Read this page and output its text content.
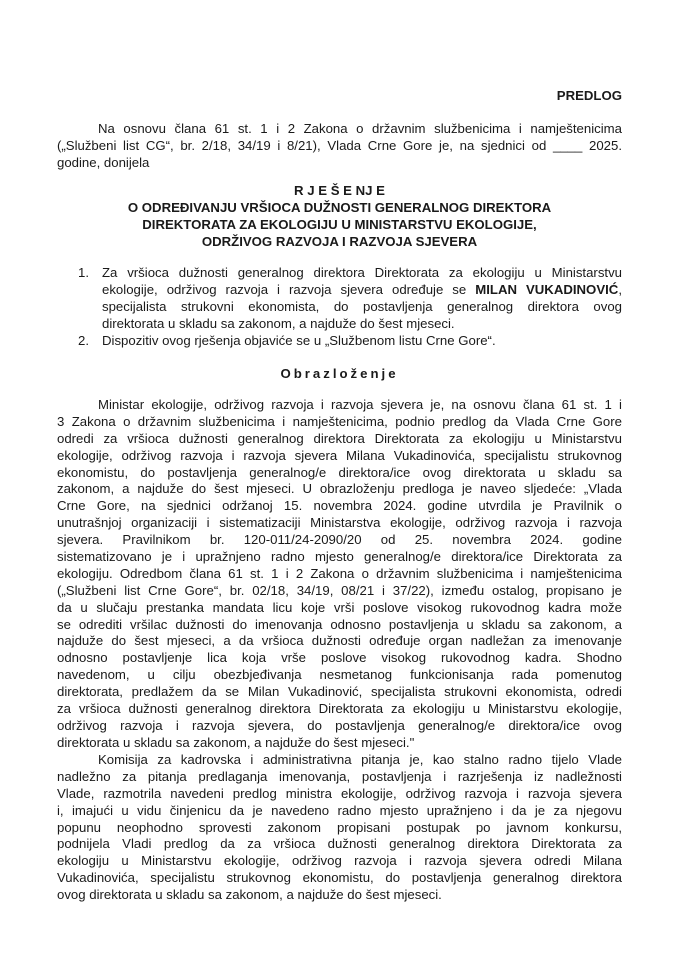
PREDLOG
Na osnovu člana 61 st. 1 i 2 Zakona o državnim službenicima i namještenicima
(„Službeni list CG“, br. 2/18, 34/19 i 8/21), Vlada Crne Gore je, na sjednici od ____ 2025.
godine, donijela
R J E Š E NJ E
O ODREĐIVANJU VRŠIOCA DUŽNOSTI GENERALNOG DIREKTORA
DIREKTORATA ZA EKOLOGIJU U MINISTARSTVU EKOLOGIJE,
ODRŽIVOG RAZVOJA I RAZVOJA SJEVERA
1. Za vršioca dužnosti generalnog direktora Direktorata za ekologiju u Ministarstvu
ekologije, održivog razvoja i razvoja sjevera određuje se MILAN VUKADINOVIĆ,
specijalista strukovni ekonomista, do postavljenja generalnog direktora ovog
direktorata u skladu sa zakonom, a najduže do šest mjeseci.
2. Dispozitiv ovog rješenja objaviće se u „Službenom listu Crne Gore“.
Obrazloženje
Ministar ekologije, održivog razvoja i razvoja sjevera je, na osnovu člana 61 st. 1 i
3 Zakona o državnim službenicima i namještenicima, podnio predlog da Vlada Crne Gore
odredi za vršioca dužnosti generalnog direktora Direktorata za ekologiju u Ministarstvu
ekologije, održivog razvoja i razvoja sjevera Milana Vukadinovića, specijalistu strukovnog
ekonomistu, do postavljenja generalnog/e direktora/ice ovog direktorata u skladu sa
zakonom, a najduže do šest mjeseci. U obrazloženju predloga je naveo sljedeće: „Vlada
Crne Gore, na sjednici održanoj 15. novembra 2024. godine utvrdila je Pravilnik o
unutrašnjoj organizaciji i sistematizaciji Ministarstva ekologije, održivog razvoja i razvoja
sjevera. Pravilnikom br. 120-011/24-2090/20 od 25. novembra 2024. godine
sistematizovano je i upražnjeno radno mjesto generalnog/e direktora/ice Direktorata za
ekologiju. Odredbom člana 61 st. 1 i 2 Zakona o državnim službenicima i namještenicima
(„Službeni list Crne Gore“, br. 02/18, 34/19, 08/21 i 37/22), između ostalog, propisano je
da u slučaju prestanka mandata licu koje vrši poslove visokog rukovodnog kadra može
se odrediti vršilac dužnosti do imenovanja odnosno postavljenja u skladu sa zakonom, a
najduže do šest mjeseci, a da vršioca dužnosti određuje organ nadležan za imenovanje
odnosno postavljenje lica koja vrše poslove visokog rukovodnog kadra. Shodno
navedenom, u cilju obezbjeđivanja nesmetanog funkcionisanja rada pomenutog
direktorata, predlažem da se Milan Vukadinović, specijalista strukovni ekonomista, odredi
za vršioca dužnosti generalnog direktora Direktorata za ekologiju u Ministarstvu ekologije,
održivog razvoja i razvoja sjevera, do postavljenja generalnog/e direktora/ice ovog
direktorata u skladu sa zakonom, a najduže do šest mjeseci."
Komisija za kadrovska i administrativna pitanja je, kao stalno radno tijelo Vlade
nadležno za pitanja predlaganja imenovanja, postavljenja i razrješenja iz nadležnosti
Vlade, razmotrila navedeni predlog ministra ekologije, održivog razvoja i razvoja sjevera
i, imajući u vidu činjenicu da je navedeno radno mjesto upražnjeno i da je za njegovu
popunu neophodno sprovesti zakonom propisani postupak po javnom konkursu,
podnijela Vladi predlog da za vršioca dužnosti generalnog direktora Direktorata za
ekologiju u Ministarstvu ekologije, održivog razvoja i razvoja sjevera odredi Milana
Vukadinovića, specijalistu strukovnog ekonomistu, do postavljenja generalnog direktora
ovog direktorata u skladu sa zakonom, a najduže do šest mjeseci.
